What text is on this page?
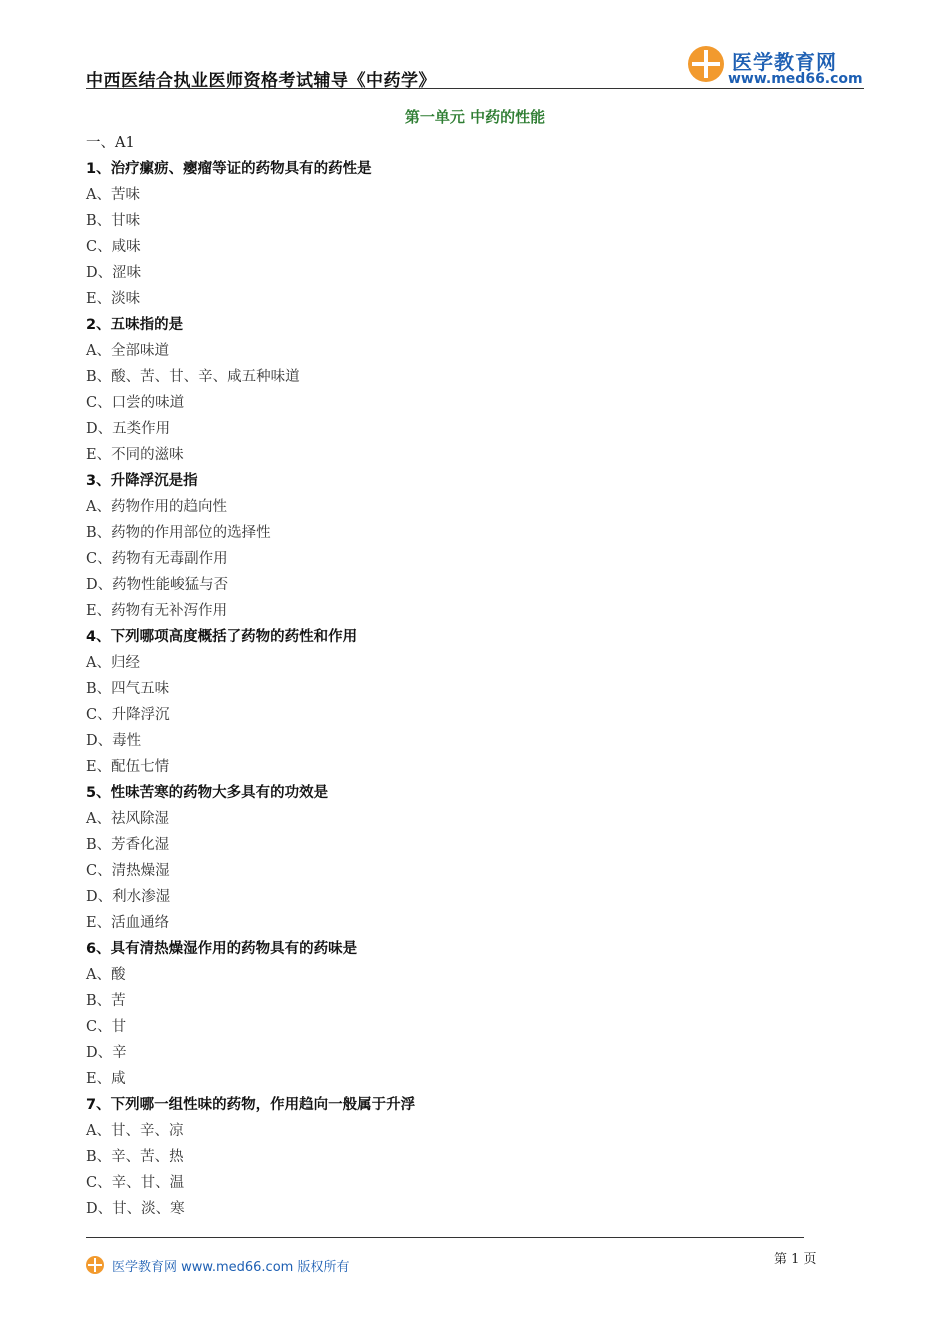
中西医结合执业医师资格考试辅导《中药学》
医学教育网
www.med66.com
第一单元 中药的性能
一、A1
1、治疗瘰疬、瘿瘤等证的药物具有的药性是
A、苦味
B、甘味
C、咸味
D、涩味
E、淡味
2、五味指的是
A、全部味道
B、酸、苦、甘、辛、咸五种味道
C、口尝的味道
D、五类作用
E、不同的滋味
3、升降浮沉是指
A、药物作用的趋向性
B、药物的作用部位的选择性
C、药物有无毒副作用
D、药物性能峻猛与否
E、药物有无补泻作用
4、下列哪项高度概括了药物的药性和作用
A、归经
B、四气五味
C、升降浮沉
D、毒性
E、配伍七情
5、性味苦寒的药物大多具有的功效是
A、祛风除湿
B、芳香化湿
C、清热燥湿
D、利水渗湿
E、活血通络
6、具有清热燥湿作用的药物具有的药味是
A、酸
B、苦
C、甘
D、辛
E、咸
7、下列哪一组性味的药物，作用趋向一般属于升浮
A、甘、辛、凉
B、辛、苦、热
C、辛、甘、温
D、甘、淡、寒
医学教育网 www.med66.com 版权所有
第 1 页
